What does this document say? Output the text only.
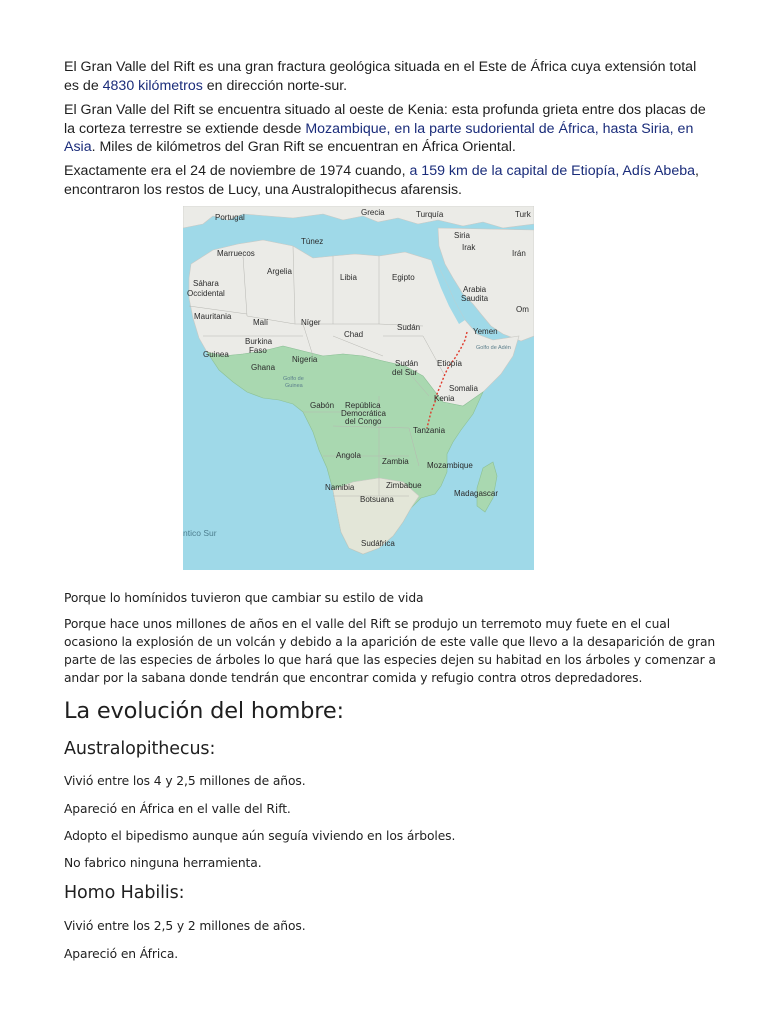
El Gran Valle del Rift es una gran fractura geológica situada en el Este de África cuya extensión total es de 4830 kilómetros en dirección norte-sur.

El Gran Valle del Rift se encuentra situado al oeste de Kenia: esta profunda grieta entre dos placas de la corteza terrestre se extiende desde Mozambique, en la parte sudoriental de África, hasta Siria, en Asia. Miles de kilómetros del Gran Rift se encuentran en África Oriental.

Exactamente era el 24 de noviembre de 1974 cuando, a 159 km de la capital de Etiopía, Adís Abeba, encontraron los restos de Lucy, una Australopithecus afarensis.

Portugal
Grecia	Turquía	Turk
Túnez
Siria
Marruecos
Irak
Argelia
Libia	Egipto
Irán
Sáhara
Occidental	Arabia
Saudita
Mauritania
Malí	Níger
Chad
Sudán	Yemen
Om
Golfo de Adén
Burkina
Faso
Guinea
Nigeria	Etiopía
Ghana
Golfo de
Guinea
Sudán
del Sur
Somalia
Gabón República
Democrática
del Congo
Kenia
Tanzania
Angola
Zambia Mozambique
Namibia	Zimbabue
Madagascar
Botsuana
ntico Sur
Sudáfrica

Porque lo homínidos tuvieron que cambiar su estilo de vida

Porque hace unos millones de años en el valle del Rift se produjo un terremoto muy fuete en el cual ocasiono la explosión de un volcán y debido a la aparición de este valle que llevo a la desaparición de gran parte de las especies de árboles lo que hará que las especies dejen su habitad en los árboles y comenzar a andar por la sabana donde tendrán que encontrar comida y refugio contra otros depredadores.

La evolución del hombre:
Australopithecus:

Vivió entre los 4 y 2,5 millones de años.

Apareció en África en el valle del Rift.

Adopto el bipedismo aunque aún seguía viviendo en los árboles.

No fabrico ninguna herramienta.

Homo Habilis:

Vivió entre los 2,5 y 2 millones de años.

Apareció en África.
